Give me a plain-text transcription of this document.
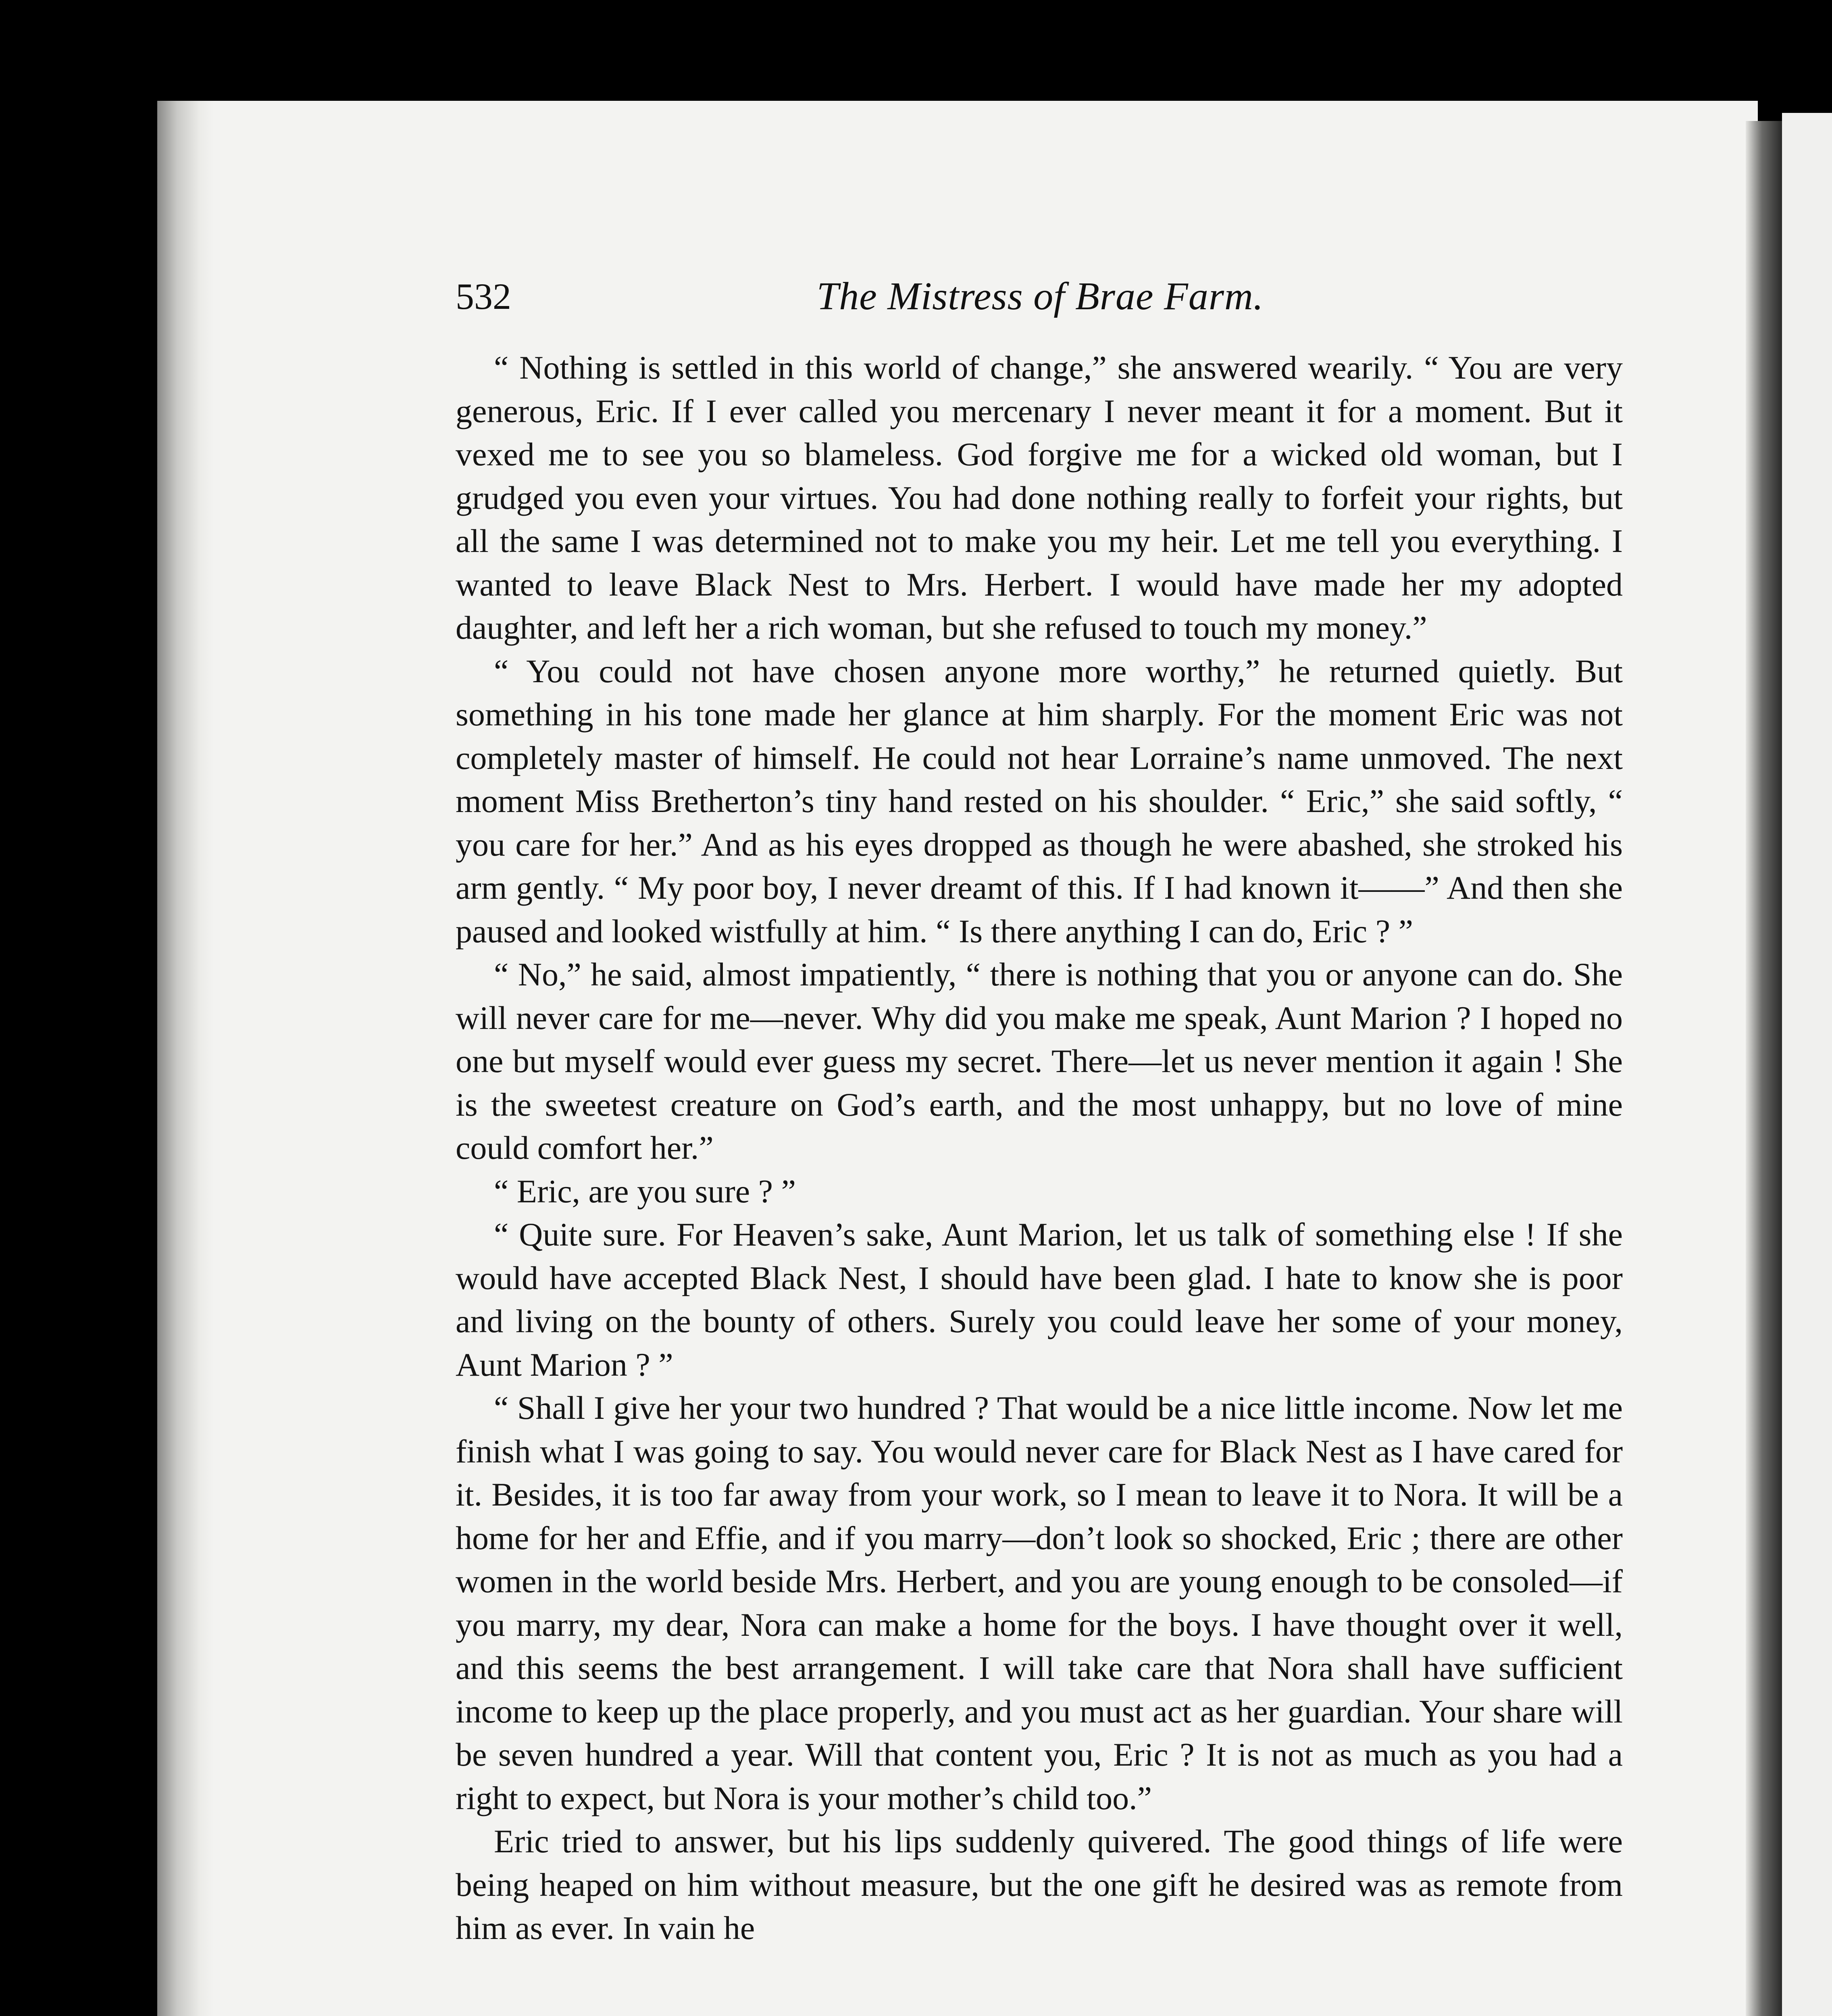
532	The Mistress of Brae Farm.

“ Nothing is settled in this world of change,” she answered wearily. “ You are very generous, Eric. If I ever called you mercenary I never meant it for a moment. But it vexed me to see you so blameless. God forgive me for a wicked old woman, but I grudged you even your virtues. You had done nothing really to forfeit your rights, but all the same I was determined not to make you my heir. Let me tell you everything. I wanted to leave Black Nest to Mrs. Herbert. I would have made her my adopted daughter, and left her a rich woman, but she refused to touch my money.”

“ You could not have chosen anyone more worthy,” he returned quietly. But something in his tone made her glance at him sharply. For the moment Eric was not completely master of himself. He could not hear Lorraine’s name unmoved. The next moment Miss Bretherton’s tiny hand rested on his shoulder. “ Eric,” she said softly, “ you care for her.” And as his eyes dropped as though he were abashed, she stroked his arm gently. “ My poor boy, I never dreamt of this. If I had known it——” And then she paused and looked wistfully at him. “ Is there anything I can do, Eric ? ”

“ No,” he said, almost impatiently, “ there is nothing that you or anyone can do. She will never care for me—never. Why did you make me speak, Aunt Marion ? I hoped no one but myself would ever guess my secret. There—let us never mention it again ! She is the sweetest creature on God’s earth, and the most unhappy, but no love of mine could comfort her.”

“ Eric, are you sure ? ”

“ Quite sure. For Heaven’s sake, Aunt Marion, let us talk of something else ! If she would have accepted Black Nest, I should have been glad. I hate to know she is poor and living on the bounty of others. Surely you could leave her some of your money, Aunt Marion ? ”

“ Shall I give her your two hundred ? That would be a nice little income. Now let me finish what I was going to say. You would never care for Black Nest as I have cared for it. Besides, it is too far away from your work, so I mean to leave it to Nora. It will be a home for her and Effie, and if you marry—don’t look so shocked, Eric ; there are other women in the world beside Mrs. Herbert, and you are young enough to be consoled—if you marry, my dear, Nora can make a home for the boys. I have thought over it well, and this seems the best arrangement. I will take care that Nora shall have sufficient income to keep up the place properly, and you must act as her guardian. Your share will be seven hundred a year. Will that content you, Eric ? It is not as much as you had a right to expect, but Nora is your mother’s child too.”

Eric tried to answer, but his lips suddenly quivered. The good things of life were being heaped on him without measure, but the one gift he desired was as remote from him as ever. In vain he
